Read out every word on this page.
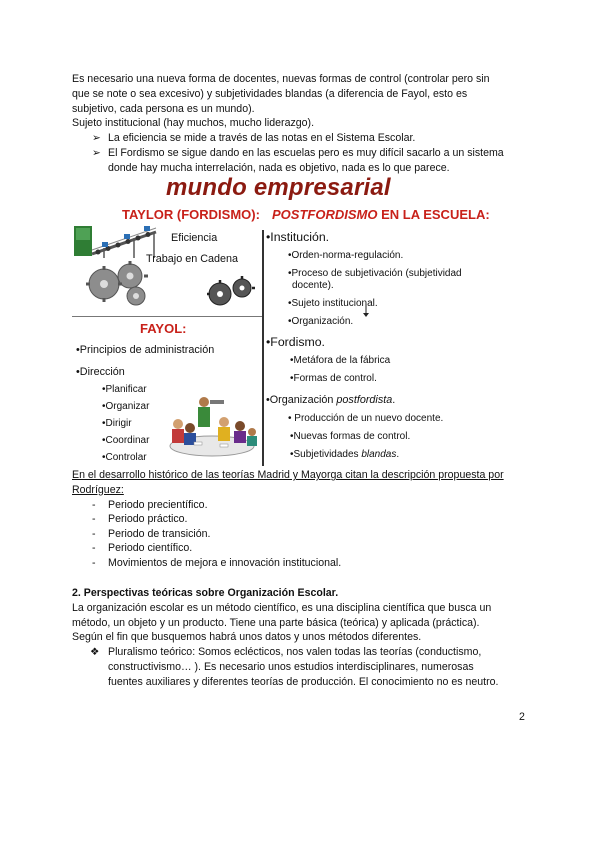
Es necesario una nueva forma de docentes, nuevas formas de control (controlar pero sin
que se note o sea excesivo) y subjetividades blandas (a diferencia de Fayol, esto es
subjetivo, cada persona es un mundo).
Sujeto institucional (hay muchos, mucho liderazgo).
➢ La eficiencia se mide a través de las notas en el Sistema Escolar.
➢ El Fordismo se sigue dando en las escuelas pero es muy difícil sacarlo a un sistema
donde hay mucha interrelación, nada es objetivo, nada es lo que parece.
mundo empresarial
TAYLOR (FORDISMO): POSTFORDISMO EN LA ESCUELA:
Eficiencia
Trabajo en Cadena
FAYOL:
•Principios de administración
•Dirección
•Planificar
•Organizar
•Dirigir
•Coordinar
•Controlar
•Institución.
•Orden-norma-regulación.
•Proceso de subjetivación (subjetividad
docente).
•Sujeto institucional.
•Organización.
•Fordismo.
•Metáfora de la fábrica
•Formas de control.
•Organización postfordista.
• Producción de un nuevo docente.
•Nuevas formas de control.
•Subjetividades blandas.
En el desarrollo histórico de las teorías Madrid y Mayorga citan la descripción propuesta por
Rodríguez:
- Periodo precientífico.
- Periodo práctico.
- Periodo de transición.
- Periodo científico.
- Movimientos de mejora e innovación institucional.
2. Perspectivas teóricas sobre Organización Escolar.
La organización escolar es un método científico, es una disciplina científica que busca un
método, un objeto y un producto. Tiene una parte básica (teórica) y aplicada (práctica).
Según el fin que busquemos habrá unos datos y unos métodos diferentes.
❖ Pluralismo teórico: Somos eclécticos, nos valen todas las teorías (conductismo,
constructivismo… ). Es necesario unos estudios interdisciplinares, numerosas
fuentes auxiliares y diferentes teorías de producción. El conocimiento no es neutro.
2
